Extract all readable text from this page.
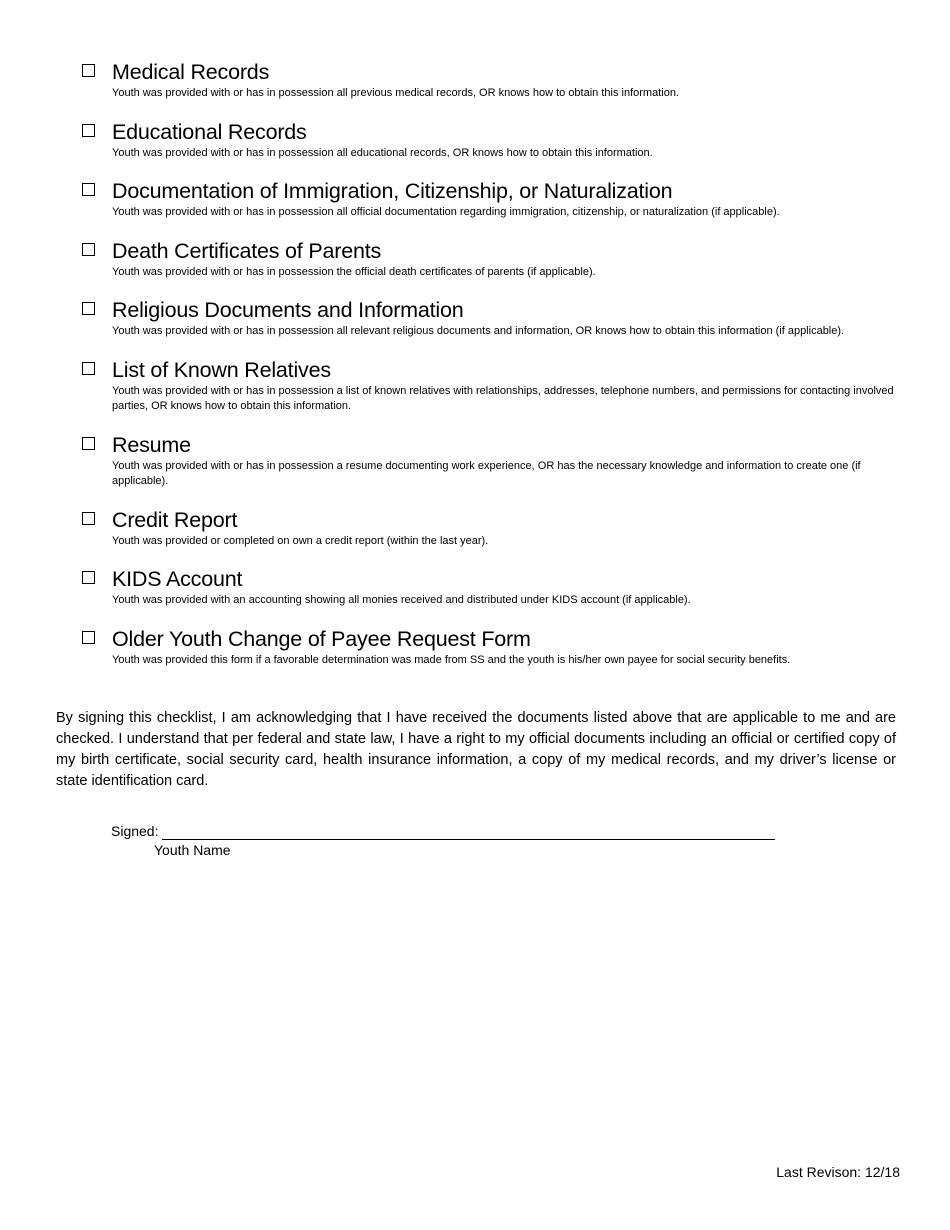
Medical Records
Youth was provided with or has in possession all previous medical records, OR knows how to obtain this information.
Educational Records
Youth was provided with or has in possession all educational records, OR knows how to obtain this information.
Documentation of Immigration, Citizenship, or Naturalization
Youth was provided with or has in possession all official documentation regarding immigration, citizenship, or naturalization (if applicable).
Death Certificates of Parents
Youth was provided with or has in possession the official death certificates of parents (if applicable).
Religious Documents and Information
Youth was provided with or has in possession all relevant religious documents and information, OR knows how to obtain this information (if applicable).
List of Known Relatives
Youth was provided with or has in possession a list of known relatives with relationships, addresses, telephone numbers, and permissions for contacting involved parties, OR knows how to obtain this information.
Resume
Youth was provided with or has in possession a resume documenting work experience, OR has the necessary knowledge and information to create one (if applicable).
Credit Report
Youth was provided or completed on own a credit report (within the last year).
KIDS Account
Youth was provided with an accounting showing all monies received and distributed under KIDS account (if applicable).
Older Youth Change of Payee Request Form
Youth was provided this form if a favorable determination was made from SS and the youth is his/her own payee for social security benefits.
By signing this checklist, I am acknowledging that I have received the documents listed above that are applicable to me and are checked. I understand that per federal and state law, I have a right to my official documents including an official or certified copy of my birth certificate, social security card, health insurance information, a copy of my medical records, and my driver’s license or state identification card.
Signed:
Youth Name
Last Revison: 12/18
